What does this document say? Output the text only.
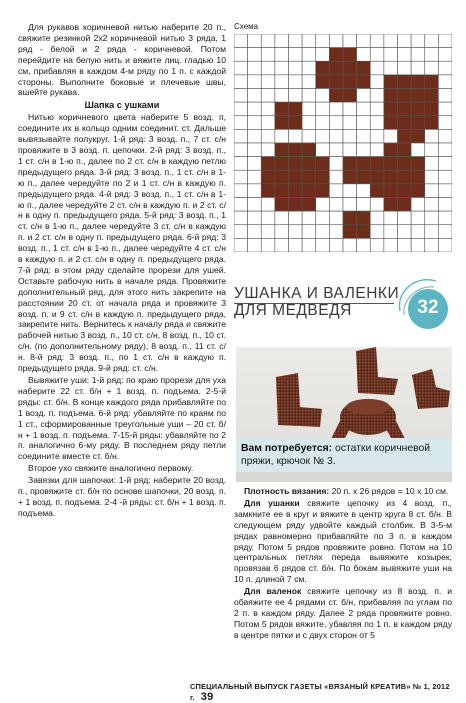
Для рукавов коричневой нитью наберите 20 п., свяжите резинкой 2х2 коричневой нитью 3 ряда, 1 ряд - белой и 2 ряда - коричневой. Потом перейдите на белую нить и вяжите лиц. гладью 10 см, прибавляя в каждом 4-м ряду по 1 п. с каждой стороны. Выполните боковые и плечевые швы, вшейте рукава.

Шапка с ушками

Нитью коричневого цвета наберите 5 возд. п, соедините их в кольцо одним соединит. ст. Дальше вывязывайте полукруг. 1-й ряд: 3 возд. п., 7 ст. с/н провяжите в 3 возд. п. цепочки. 2-й ряд: 3 возд. п., 1 ст. с/н в 1-ю п., далее по 2 ст. с/н в каждую петлю предыдущего ряда. 3-й ряд: 3 возд. п., 1 ст. с/н в 1-ю п., далее чередуйте по 2 и 1 ст. с/н в каждую п. предыдущего ряда. 4-й ряд: 3 возд. п., 1 ст. с/н в 1-ю п., далее чередуйте 2 ст. с/н в каждую п. и 2 ст. с/н в одну п. предыдущего ряда. 5-й ряд: 3 возд. п., 1 ст. с/н в 1-ю п., далее чередуйте 3 ст. с/н в каждую п. и 2 ст. с/н в одну п. предыдущего ряда. 6-й ряд: 3 возд. п., 1 ст. с/н в 1-ю п., далее чередуйте 4 ст. с/н в каждую п. и 2 ст. с/н в одну п. предыдущего ряда. 7-й ряд: в этом ряду сделайте прорези для ушей. Оставьте рабочую нить в начале ряда. Провяжите дополнительный ряд, для этого нить закрепите на расстоянии 20 ст. от начала ряда и провяжите 3 возд. п. и 9 ст. с/н в каждую п. предыдущего ряда, закрепите нить. Вернитесь к началу ряда и свяжите рабочей нитью 3 возд. п., 10 ст. с/н, 8 возд. п., 10 ст. с/н. (по дополнительному ряду), 8 возд. п., 11 ст. с/н. 8-й ряд: 3 возд. п., по 1 ст. с/н в каждую п. предыдущего ряда. 9-й ряд: ст. с/н.

Вывяжите уши: 1-й ряд: по краю прорези для уха наберите 22 ст. б/н + 1 возд. п. подъема. 2-5-й ряды: ст. б/н. В конце каждого ряда прибавляйте по 1 возд. п. подъема. 6-й ряд: убавляйте по краям по 1 ст., сформированные треугольные уши – 20 ст. б/н + 1 возд. п. подъема. 7-15-й ряды: убавляйте по 2 п. аналогично 6-му ряду. В последнем ряду петли соедините вместе ст. б/н.

Второе ухо свяжите аналогично первому.

Завязки для шапочки: 1-й ряд: наберите 20 возд. п., провяжите ст. б/н по основе шапочки, 20 возд. п. + 1 возд. п. подъема. 2-4 -й ряды: ст. б/н + 1 возд. п. подъема.

Схема
УШАНКА И ВАЛЕНКИ
ДЛЯ МЕДВЕДЯ	32
Вам потребуется: остатки коричневой пряжи, крючок № 3.

Плотность вязания: 20 п. х 26 рядов = 10 х 10 см.

Для ушанки свяжите цепочку из 4 возд. п., замкните ее в круг и вяжите в центр круга 8 ст. б/н. В следующем ряду удвойте каждый столбик. В 3-5-м рядах равномерно прибавляйте по 3 п. в каждом ряду. Потом 5 рядов провяжите ровно. Потом на 10 центральных петлях переда вывяжите козырек, провязав 6 рядов ст. б/н. По бокам вывяжите уши на 10 п. длиной 7 см.

Для валенок свяжите цепочку из 8 возд. п. и обвяжите ее 4 рядами ст. б/н, прибавляя по углам по 2 п. в каждом ряду. Далее 2 ряда провяжите ровно. Потом 5 рядов вяжите, убавляя по 1 п. в каждом ряду в центре пятки и с двух сторон от 5

СПЕЦИАЛЬНЫЙ ВЫПУСК ГАЗЕТЫ «ВЯЗАНЫЙ КРЕАТИВ» № 1, 2012 г. 39
